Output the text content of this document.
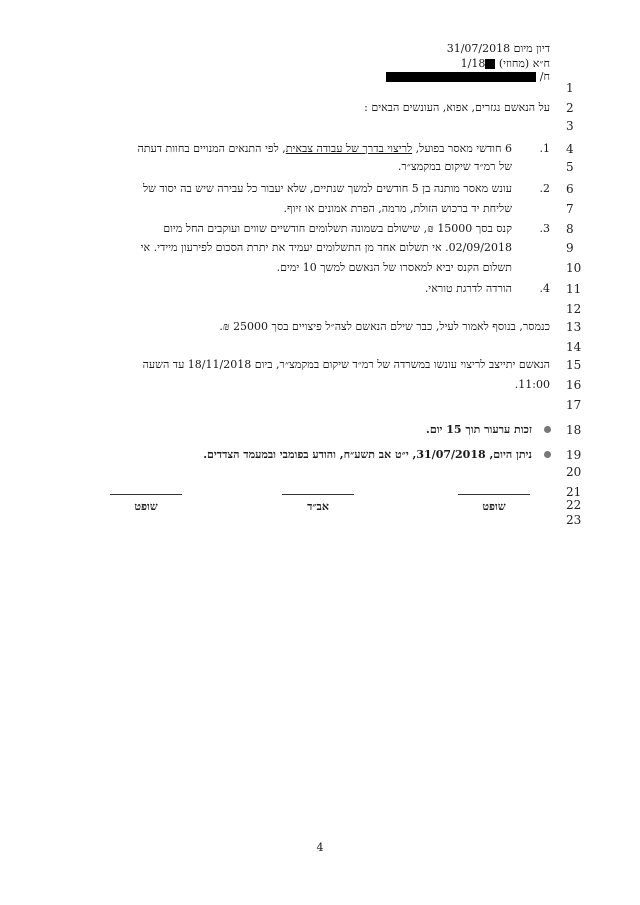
דיון מיום 31/07/2018
ח״א (מחוזי) 1/18
ח/
1
2
3
4
5
6
7
8
9
10
11
12
13
14
15
16
17
18
19
20
21
22
23
על הנאשם נגזרים, אפוא, העונשים הבאים :
1.
6 חודשי מאסר בפועל, לריצוי בדרך של עבודה צבאית, לפי התנאים המנויים בחוות דעתה
של רמ״ד שיקום במקמצ״ר.
2.
עונש מאסר מותנה בן 5 חודשים למשך שנתיים, שלא יעבור כל עבירה שיש בה יסוד של
שליחת יד ברכוש הזולת, מרמה, הפרת אמונים או זיוף.
3.
קנס בסך 15000 ₪, שישולם בשמונה תשלומים חודשיים שווים ועוקבים החל מיום
02/09/2018. אי תשלום אחד מן התשלומים יעמיד את יתרת הסכום לפירעון מיידי. אי
תשלום הקנס יביא למאסרו של הנאשם למשך 10 ימים.
4.
הורדה לדרגת טוראי.
כנמסר, בנוסף לאמור לעיל, כבר שילם הנאשם לצה״ל פיצויים בסך 25000 ₪.
הנאשם יתייצב לריצוי עונשו במשרדה של רמ״ד שיקום במקמצ״ר, ביום 18/11/2018 עד השעה
11:00.
זכות ערעור תוך 15 יום.
ניתן היום, 31/07/2018, י״ט אב תשע״ח, והודע בפומבי ובמעמד הצדדים.
שופט	אב״ד	שופט
4
